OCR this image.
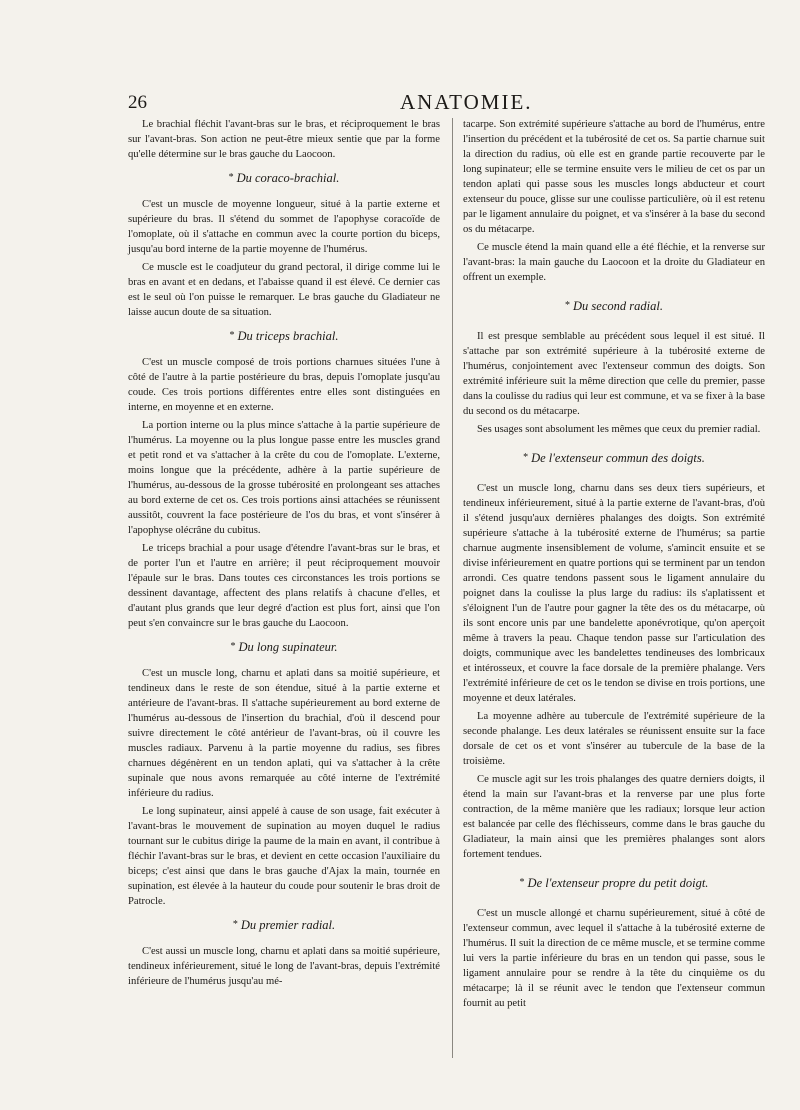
26	ANATOMIE.

Le brachial fléchit l'avant-bras sur le bras, et réciproquement le bras sur l'avant-bras. Son action ne peut-être mieux sentie que par la forme qu'elle détermine sur le bras gauche du Laocoon.

* Du coraco-brachial.

C'est un muscle de moyenne longueur, situé à la partie externe et supérieure du bras. Il s'étend du sommet de l'apophyse coracoïde de l'omoplate, où il s'attache en commun avec la courte portion du biceps, jusqu'au bord interne de la partie moyenne de l'humérus.

Ce muscle est le coadjuteur du grand pectoral, il dirige comme lui le bras en avant et en dedans, et l'abaisse quand il est élevé. Ce dernier cas est le seul où l'on puisse le remarquer. Le bras gauche du Gladiateur ne laisse aucun doute de sa situation.

* Du triceps brachial.

C'est un muscle composé de trois portions charnues situées l'une à côté de l'autre à la partie postérieure du bras, depuis l'omoplate jusqu'au coude. Ces trois portions différentes entre elles sont distinguées en interne, en moyenne et en externe.

La portion interne ou la plus mince s'attache à la partie supérieure de l'humérus. La moyenne ou la plus longue passe entre les muscles grand et petit rond et va s'attacher à la crête du cou de l'omoplate. L'externe, moins longue que la précédente, adhère à la partie supérieure de l'humérus, au-dessous de la grosse tubérosité en prolongeant ses attaches au bord externe de cet os. Ces trois portions ainsi attachées se réunissent aussitôt, couvrent la face postérieure de l'os du bras, et vont s'insérer à l'apophyse olécrâne du cubitus.

Le triceps brachial a pour usage d'étendre l'avant-bras sur le bras, et de porter l'un et l'autre en arrière; il peut réciproquement mouvoir l'épaule sur le bras. Dans toutes ces circonstances les trois portions se dessinent davantage, affectent des plans relatifs à chacune d'elles, et d'autant plus grands que leur degré d'action est plus fort, ainsi que l'on peut s'en convaincre sur le bras gauche du Laocoon.

* Du long supinateur.

C'est un muscle long, charnu et aplati dans sa moitié supérieure, et tendineux dans le reste de son étendue, situé à la partie externe et antérieure de l'avant-bras. Il s'attache supérieurement au bord externe de l'humérus au-dessous de l'insertion du brachial, d'où il descend pour suivre directement le côté antérieur de l'avant-bras, où il couvre les muscles radiaux. Parvenu à la partie moyenne du radius, ses fibres charnues dégénèrent en un tendon aplati, qui va s'attacher à la crête supinale que nous avons remarquée au côté interne de l'extrémité inférieure du radius.

Le long supinateur, ainsi appelé à cause de son usage, fait exécuter à l'avant-bras le mouvement de supination au moyen duquel le radius tournant sur le cubitus dirige la paume de la main en avant, il contribue à fléchir l'avant-bras sur le bras, et devient en cette occasion l'auxiliaire du biceps; c'est ainsi que dans le bras gauche d'Ajax la main, tournée en supination, est élevée à la hauteur du coude pour soutenir le bras droit de Patrocle.

* Du premier radial.

C'est aussi un muscle long, charnu et aplati dans sa moitié supérieure, tendineux inférieurement, situé le long de l'avant-bras, depuis l'extrémité inférieure de l'humérus jusqu'au mé-

tacarpe. Son extrémité supérieure s'attache au bord de l'humérus, entre l'insertion du précédent et la tubérosité de cet os. Sa partie charnue suit la direction du radius, où elle est en grande partie recouverte par le long supinateur; elle se termine ensuite vers le milieu de cet os par un tendon aplati qui passe sous les muscles longs abducteur et court extenseur du pouce, glisse sur une coulisse particulière, où il est retenu par le ligament annulaire du poignet, et va s'insérer à la base du second os du métacarpe.

Ce muscle étend la main quand elle a été fléchie, et la renverse sur l'avant-bras: la main gauche du Laocoon et la droite du Gladiateur en offrent un exemple.

* Du second radial.

Il est presque semblable au précédent sous lequel il est situé. Il s'attache par son extrémité supérieure à la tubérosité externe de l'humérus, conjointement avec l'extenseur commun des doigts. Son extrémité inférieure suit la même direction que celle du premier, passe dans la coulisse du radius qui leur est commune, et va se fixer à la base du second os du métacarpe.

Ses usages sont absolument les mêmes que ceux du premier radial.

* De l'extenseur commun des doigts.

C'est un muscle long, charnu dans ses deux tiers supérieurs, et tendineux inférieurement, situé à la partie externe de l'avant-bras, d'où il s'étend jusqu'aux dernières phalanges des doigts. Son extrémité supérieure s'attache à la tubérosité externe de l'humérus; sa partie charnue augmente insensiblement de volume, s'amincit ensuite et se divise inférieurement en quatre portions qui se terminent par un tendon arrondi. Ces quatre tendons passent sous le ligament annulaire du poignet dans la coulisse la plus large du radius: ils s'aplatissent et s'éloignent l'un de l'autre pour gagner la tête des os du métacarpe, où ils sont encore unis par une bandelette aponévrotique, qu'on aperçoit même à travers la peau. Chaque tendon passe sur l'articulation des doigts, communique avec les bandelettes tendineuses des lombricaux et intérosseux, et couvre la face dorsale de la première phalange. Vers l'extrémité inférieure de cet os le tendon se divise en trois portions, une moyenne et deux latérales.

La moyenne adhère au tubercule de l'extrémité supérieure de la seconde phalange. Les deux latérales se réunissent ensuite sur la face dorsale de cet os et vont s'insérer au tubercule de la base de la troisième.

Ce muscle agit sur les trois phalanges des quatre derniers doigts, il étend la main sur l'avant-bras et la renverse par une plus forte contraction, de la même manière que les radiaux; lorsque leur action est balancée par celle des fléchisseurs, comme dans le bras gauche du Gladiateur, la main ainsi que les premières phalanges sont alors fortement tendues.

* De l'extenseur propre du petit doigt.

C'est un muscle allongé et charnu supérieurement, situé à côté de l'extenseur commun, avec lequel il s'attache à la tubérosité externe de l'humérus. Il suit la direction de ce même muscle, et se termine comme lui vers la partie inférieure du bras en un tendon qui passe, sous le ligament annulaire pour se rendre à la tête du cinquième os du métacarpe; là il se réunit avec le tendon que l'extenseur commun fournit au petit
